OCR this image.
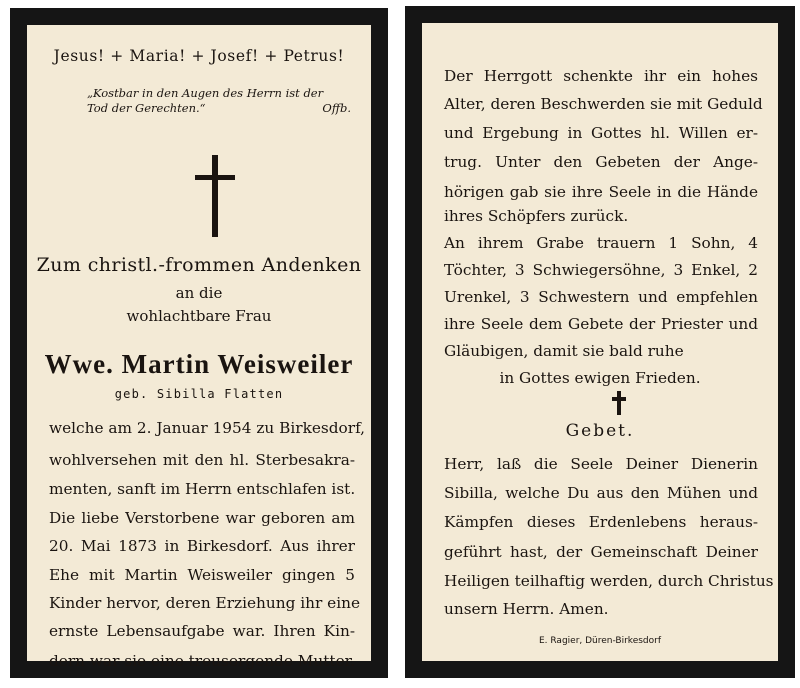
Jesus! + Maria! + Josef! + Petrus!
„Kostbar in den Augen des Herrn ist der
Tod der Gerechten.“	Offb.
Zum christl.-frommen Andenken
an die
wohlachtbare Frau
Wwe. Martin Weisweiler
geb. Sibilla Flatten
welche am 2. Januar 1954 zu Birkesdorf,
wohlversehen mit den hl. Sterbesakra-
menten, sanft im Herrn entschlafen ist.
Die liebe Verstorbene war geboren am
20. Mai 1873 in Birkesdorf. Aus ihrer
Ehe mit Martin Weisweiler gingen 5
Kinder hervor, deren Erziehung ihr eine
ernste Lebensaufgabe war. Ihren Kin-
dern war sie eine treusorgende Mutter.
Der Herrgott schenkte ihr ein hohes
Alter, deren Beschwerden sie mit Geduld
und Ergebung in Gottes hl. Willen er-
trug. Unter den Gebeten der Ange-
hörigen gab sie ihre Seele in die Hände
ihres Schöpfers zurück.
An ihrem Grabe trauern 1 Sohn, 4
Töchter, 3 Schwiegersöhne, 3 Enkel, 2
Urenkel, 3 Schwestern und empfehlen
ihre Seele dem Gebete der Priester und
Gläubigen, damit sie bald ruhe
in Gottes ewigen Frieden.
Gebet.
Herr, laß die Seele Deiner Dienerin
Sibilla, welche Du aus den Mühen und
Kämpfen dieses Erdenlebens heraus-
geführt hast, der Gemeinschaft Deiner
Heiligen teilhaftig werden, durch Christus
unsern Herrn. Amen.
E. Ragier, Düren-Birkesdorf
